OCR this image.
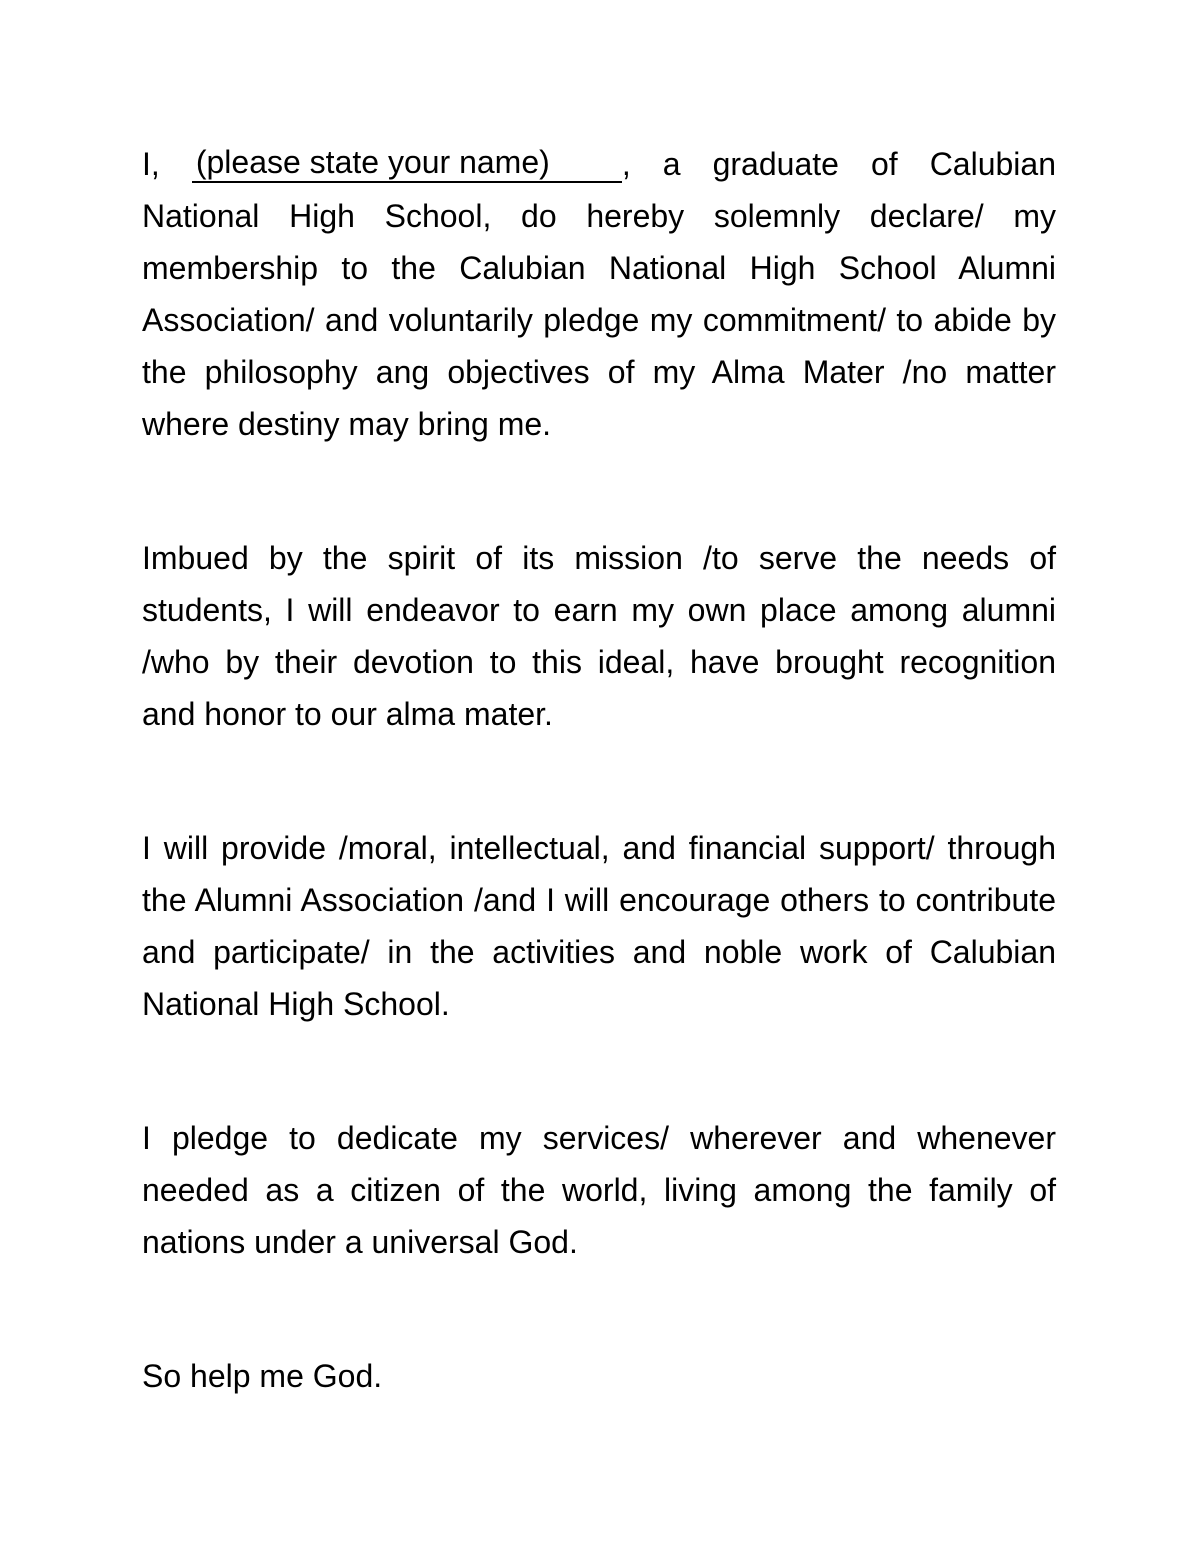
I, (please state your name) , a graduate of Calubian National High School, do hereby solemnly declare/ my membership to the Calubian National High School Alumni Association/ and voluntarily pledge my commitment/ to abide by the philosophy ang objectives of my Alma Mater /no matter where destiny may bring me.

Imbued by the spirit of its mission /to serve the needs of students, I will endeavor to earn my own place among alumni /who by their devotion to this ideal, have brought recognition and honor to our alma mater.

I will provide /moral, intellectual, and financial support/ through the Alumni Association /and I will encourage others to contribute and participate/ in the activities and noble work of Calubian National High School.

I pledge to dedicate my services/ wherever and whenever needed as a citizen of the world, living among the family of nations under a universal God.

So help me God.
